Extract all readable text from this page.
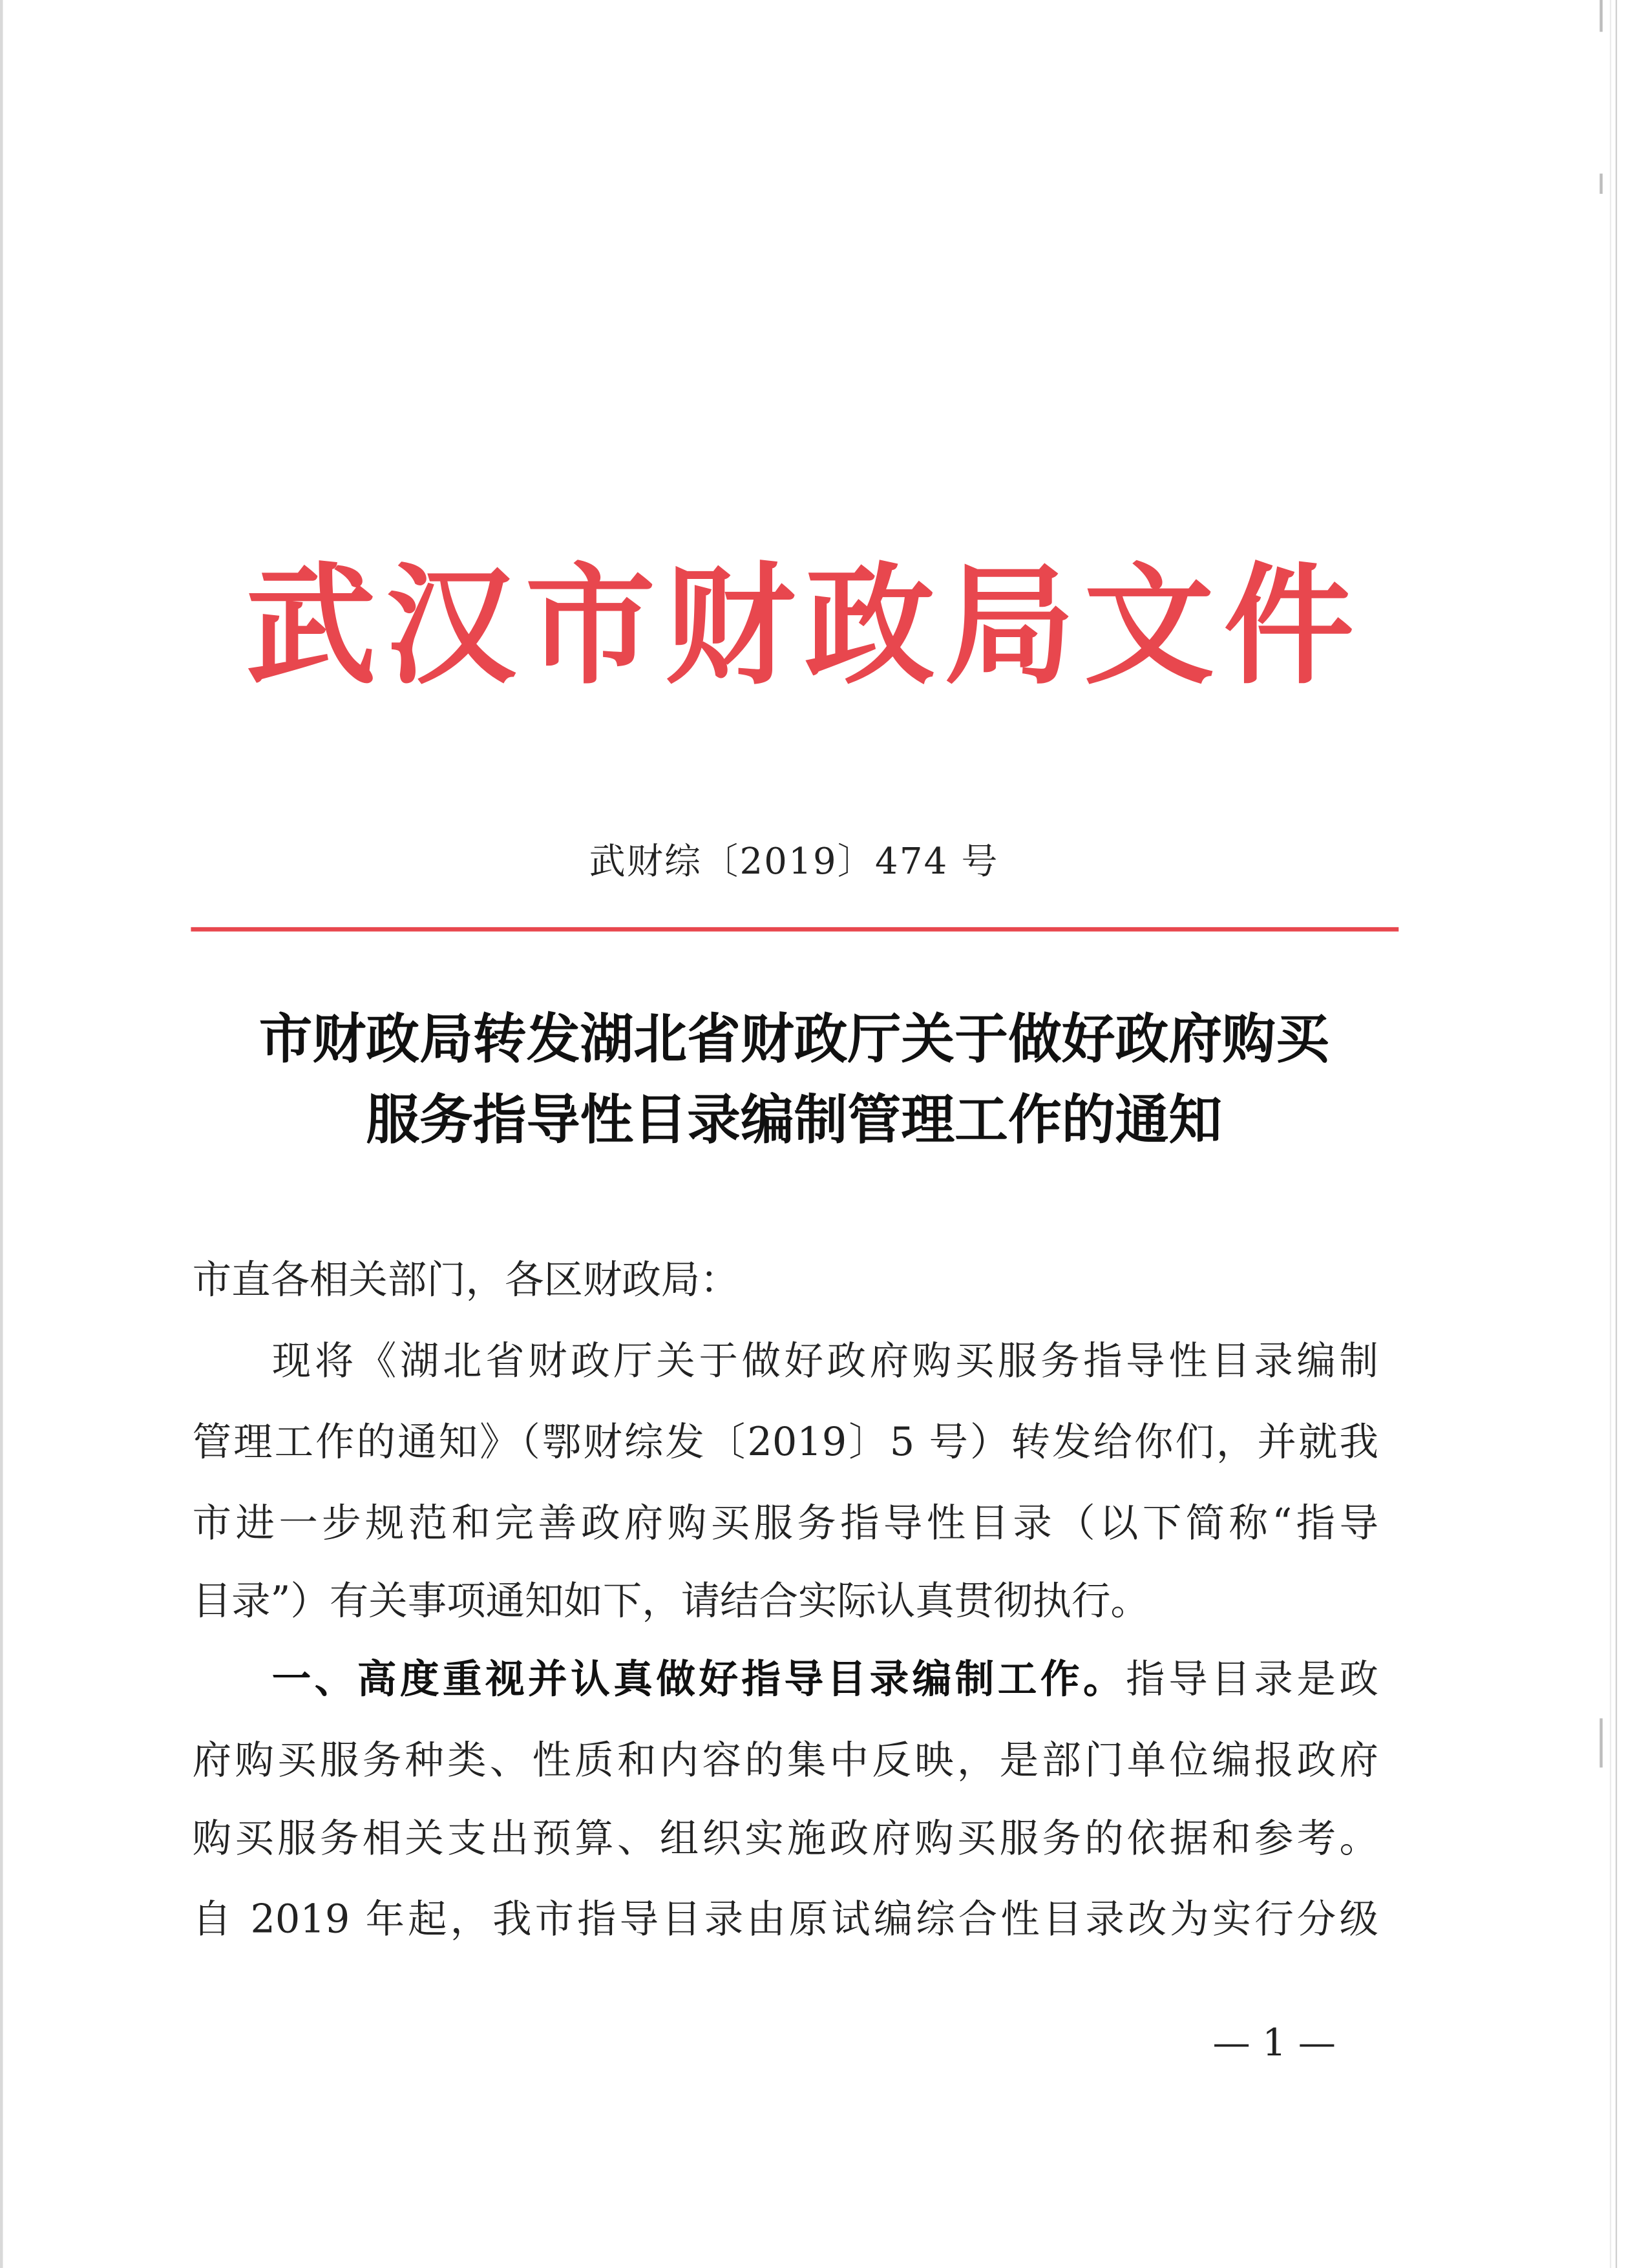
武汉市财政局文件
武财综〔2019〕474 号
市财政局转发湖北省财政厅关于做好政府购买
服务指导性目录编制管理工作的通知
市直各相关部门，各区财政局：
现将《湖北省财政厅关于做好政府购买服务指导性目录编制
管理工作的通知》（鄂财综发〔2019〕5 号）转发给你们，并就我
市进一步规范和完善政府购买服务指导性目录（以下简称“指导
目录”）有关事项通知如下，请结合实际认真贯彻执行。
一、高度重视并认真做好指导目录编制工作。指导目录是政
府购买服务种类、性质和内容的集中反映，是部门单位编报政府
购买服务相关支出预算、组织实施政府购买服务的依据和参考。
自 2019 年起，我市指导目录由原试编综合性目录改为实行分级
— 1 —
